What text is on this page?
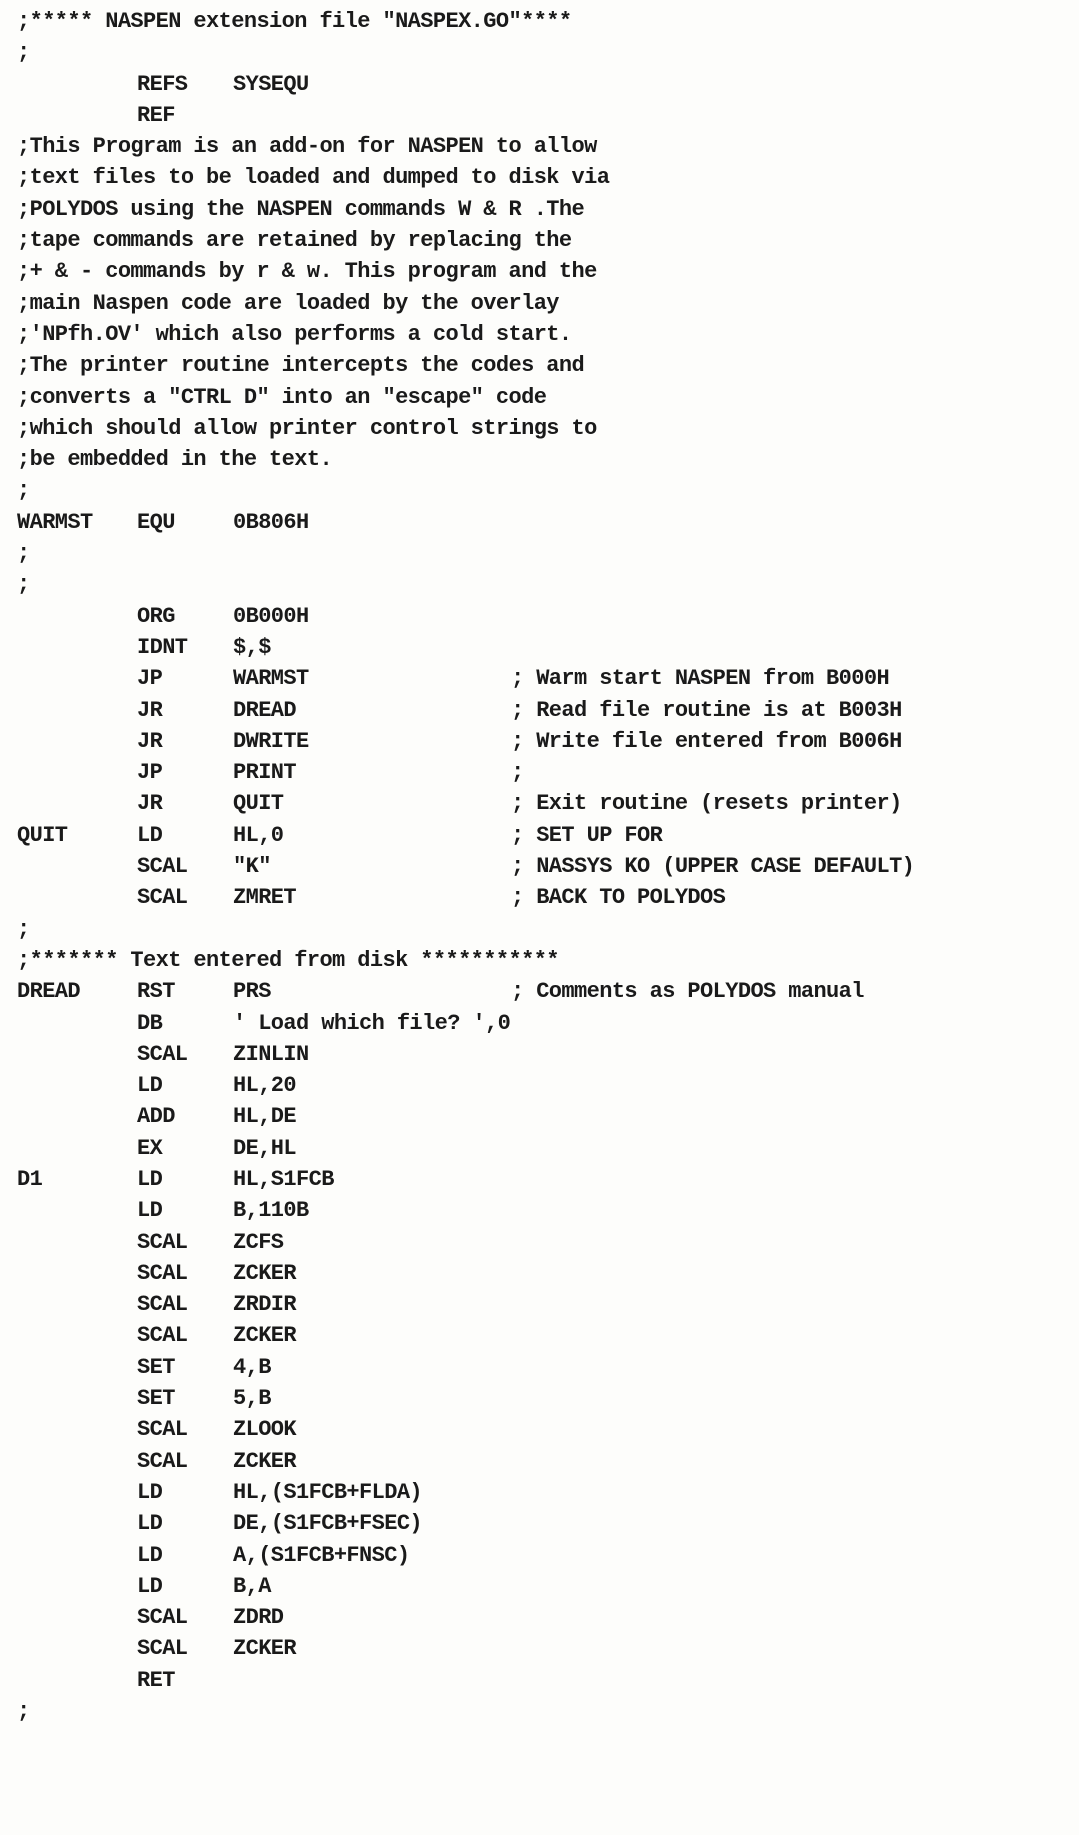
;***** NASPEN extension file "NASPEX.GO"****
;
REFS SYSEQU
REF
;This Program is an add-on for NASPEN to allow
;text files to be loaded and dumped to disk via
;POLYDOS using the NASPEN commands W & R .The
;tape commands are retained by replacing the
;+ & - commands by r & w. This program and the
;main Naspen code are loaded by the overlay
;'NPfh.OV' which also performs a cold start.
;The printer routine intercepts the codes and
;converts a "CTRL D" into an "escape" code
;which should allow printer control strings to
;be embedded in the text.
;
WARMST EQU	0B806H
;
;
ORG	0B000H
IDNT $,$
JP	WARMST	; Warm start NASPEN from B000H
JR	DREAD	; Read file routine is at B003H
JR	DWRITE	; Write file entered from B006H
JP	PRINT	;
JR	QUIT	; Exit routine (resets printer)
QUIT	LD	HL,0	; SET UP FOR
SCAL "K"	; NASSYS KO (UPPER CASE DEFAULT)
SCAL ZMRET	; BACK TO POLYDOS
;
;******* Text entered from disk ***********
DREAD	RST	PRS	; Comments as POLYDOS manual
DB	' Load which file? ',0
SCAL ZINLIN
LD	HL,20
ADD	HL,DE
EX	DE,HL
D1	LD	HL,S1FCB
LD	B,110B
SCAL ZCFS
SCAL ZCKER
SCAL ZRDIR
SCAL ZCKER
SET	4,B
SET	5,B
SCAL ZLOOK
SCAL ZCKER
LD	HL,(S1FCB+FLDA)
LD	DE,(S1FCB+FSEC)
LD	A,(S1FCB+FNSC)
LD	B,A
SCAL ZDRD
SCAL ZCKER
RET
;
